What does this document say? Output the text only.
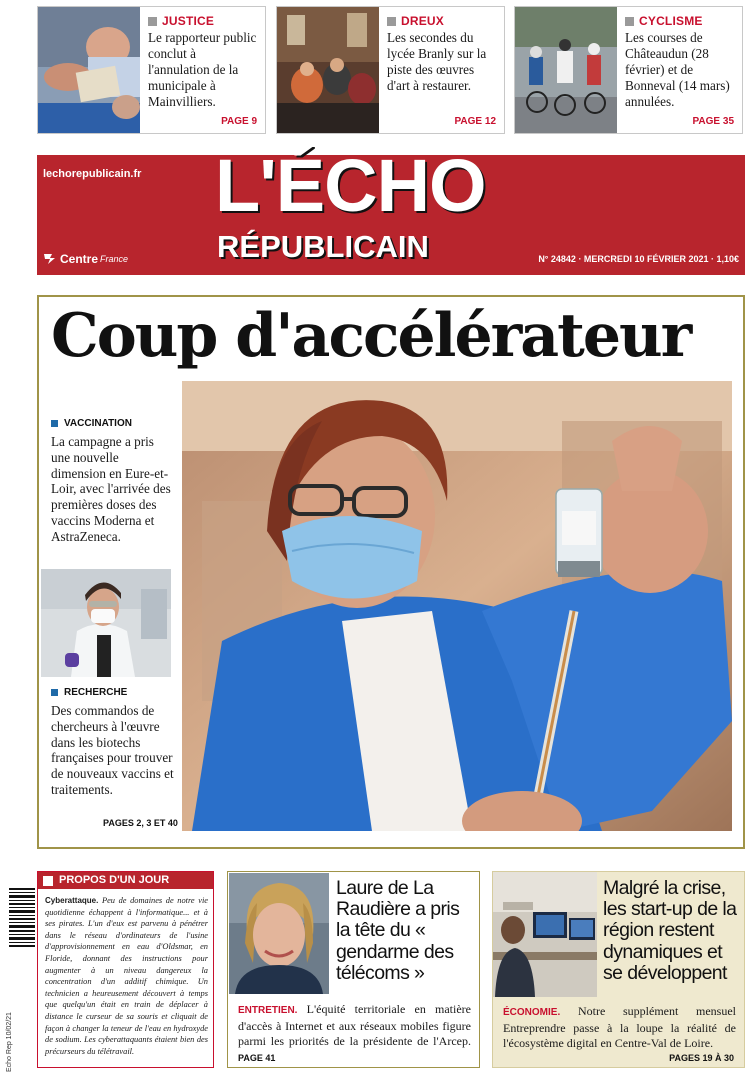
JUSTICE
Le rapporteur public conclut à l'annulation de la municipale à Mainvilliers.
PAGE 9
DREUX
Les secondes du lycée Branly sur la piste des œuvres d'art à restaurer.
PAGE 12
CYCLISME
Les courses de Châteaudun (28 février) et de Bonneval (14 mars) annulées.
PAGE 35
lechorepublicain.fr L'ÉCHO
RÉPUBLICAIN
Centre France	N° 24842 · MERCREDI 10 FÉVRIER 2021 · 1,10€
Coup d'accélérateur
VACCINATION
La campagne a pris une nouvelle dimension en Eure-et-Loir, avec l'arrivée des premières doses des vaccins Moderna et AstraZeneca.
RECHERCHE
Des commandos de chercheurs à l'œuvre dans les biotechs françaises pour trouver de nouveaux vaccins et traitements.
PAGES 2, 3 ET 40
Echo Rep 10/02/21
PROPOS D'UN JOUR
Cyberattaque. Peu de domaines de notre vie quotidienne échappent à l'informatique... et à ses pirates. L'un d'eux est parvenu à pénétrer dans le réseau d'ordinateurs de l'usine d'approvisionnement en eau d'Oldsmar, en Floride, donnant des instructions pour augmenter à un niveau dangereux la concentration d'un additif chimique. Un technicien a heureusement découvert à temps que quelqu'un était en train de déplacer à distance le curseur de sa souris et cliquait de façon à changer la teneur de l'eau en hydroxyde de sodium. Les cyberattaquants étaient bien des précurseurs du télétravail.
Laure de La Raudière a pris la tête du « gendarme des télécoms »
ENTRETIEN. L'équité territoriale en matière d'accès à Internet et aux réseaux mobiles figure parmi les priorités de la présidente de l'Arcep. PAGE 41
Malgré la crise, les start-up de la région restent dynamiques et se développent
ÉCONOMIE. Notre supplément mensuel Entreprendre passe à la loupe la réalité de l'écosystème digital en Centre-Val de Loire.
PAGES 19 À 30
